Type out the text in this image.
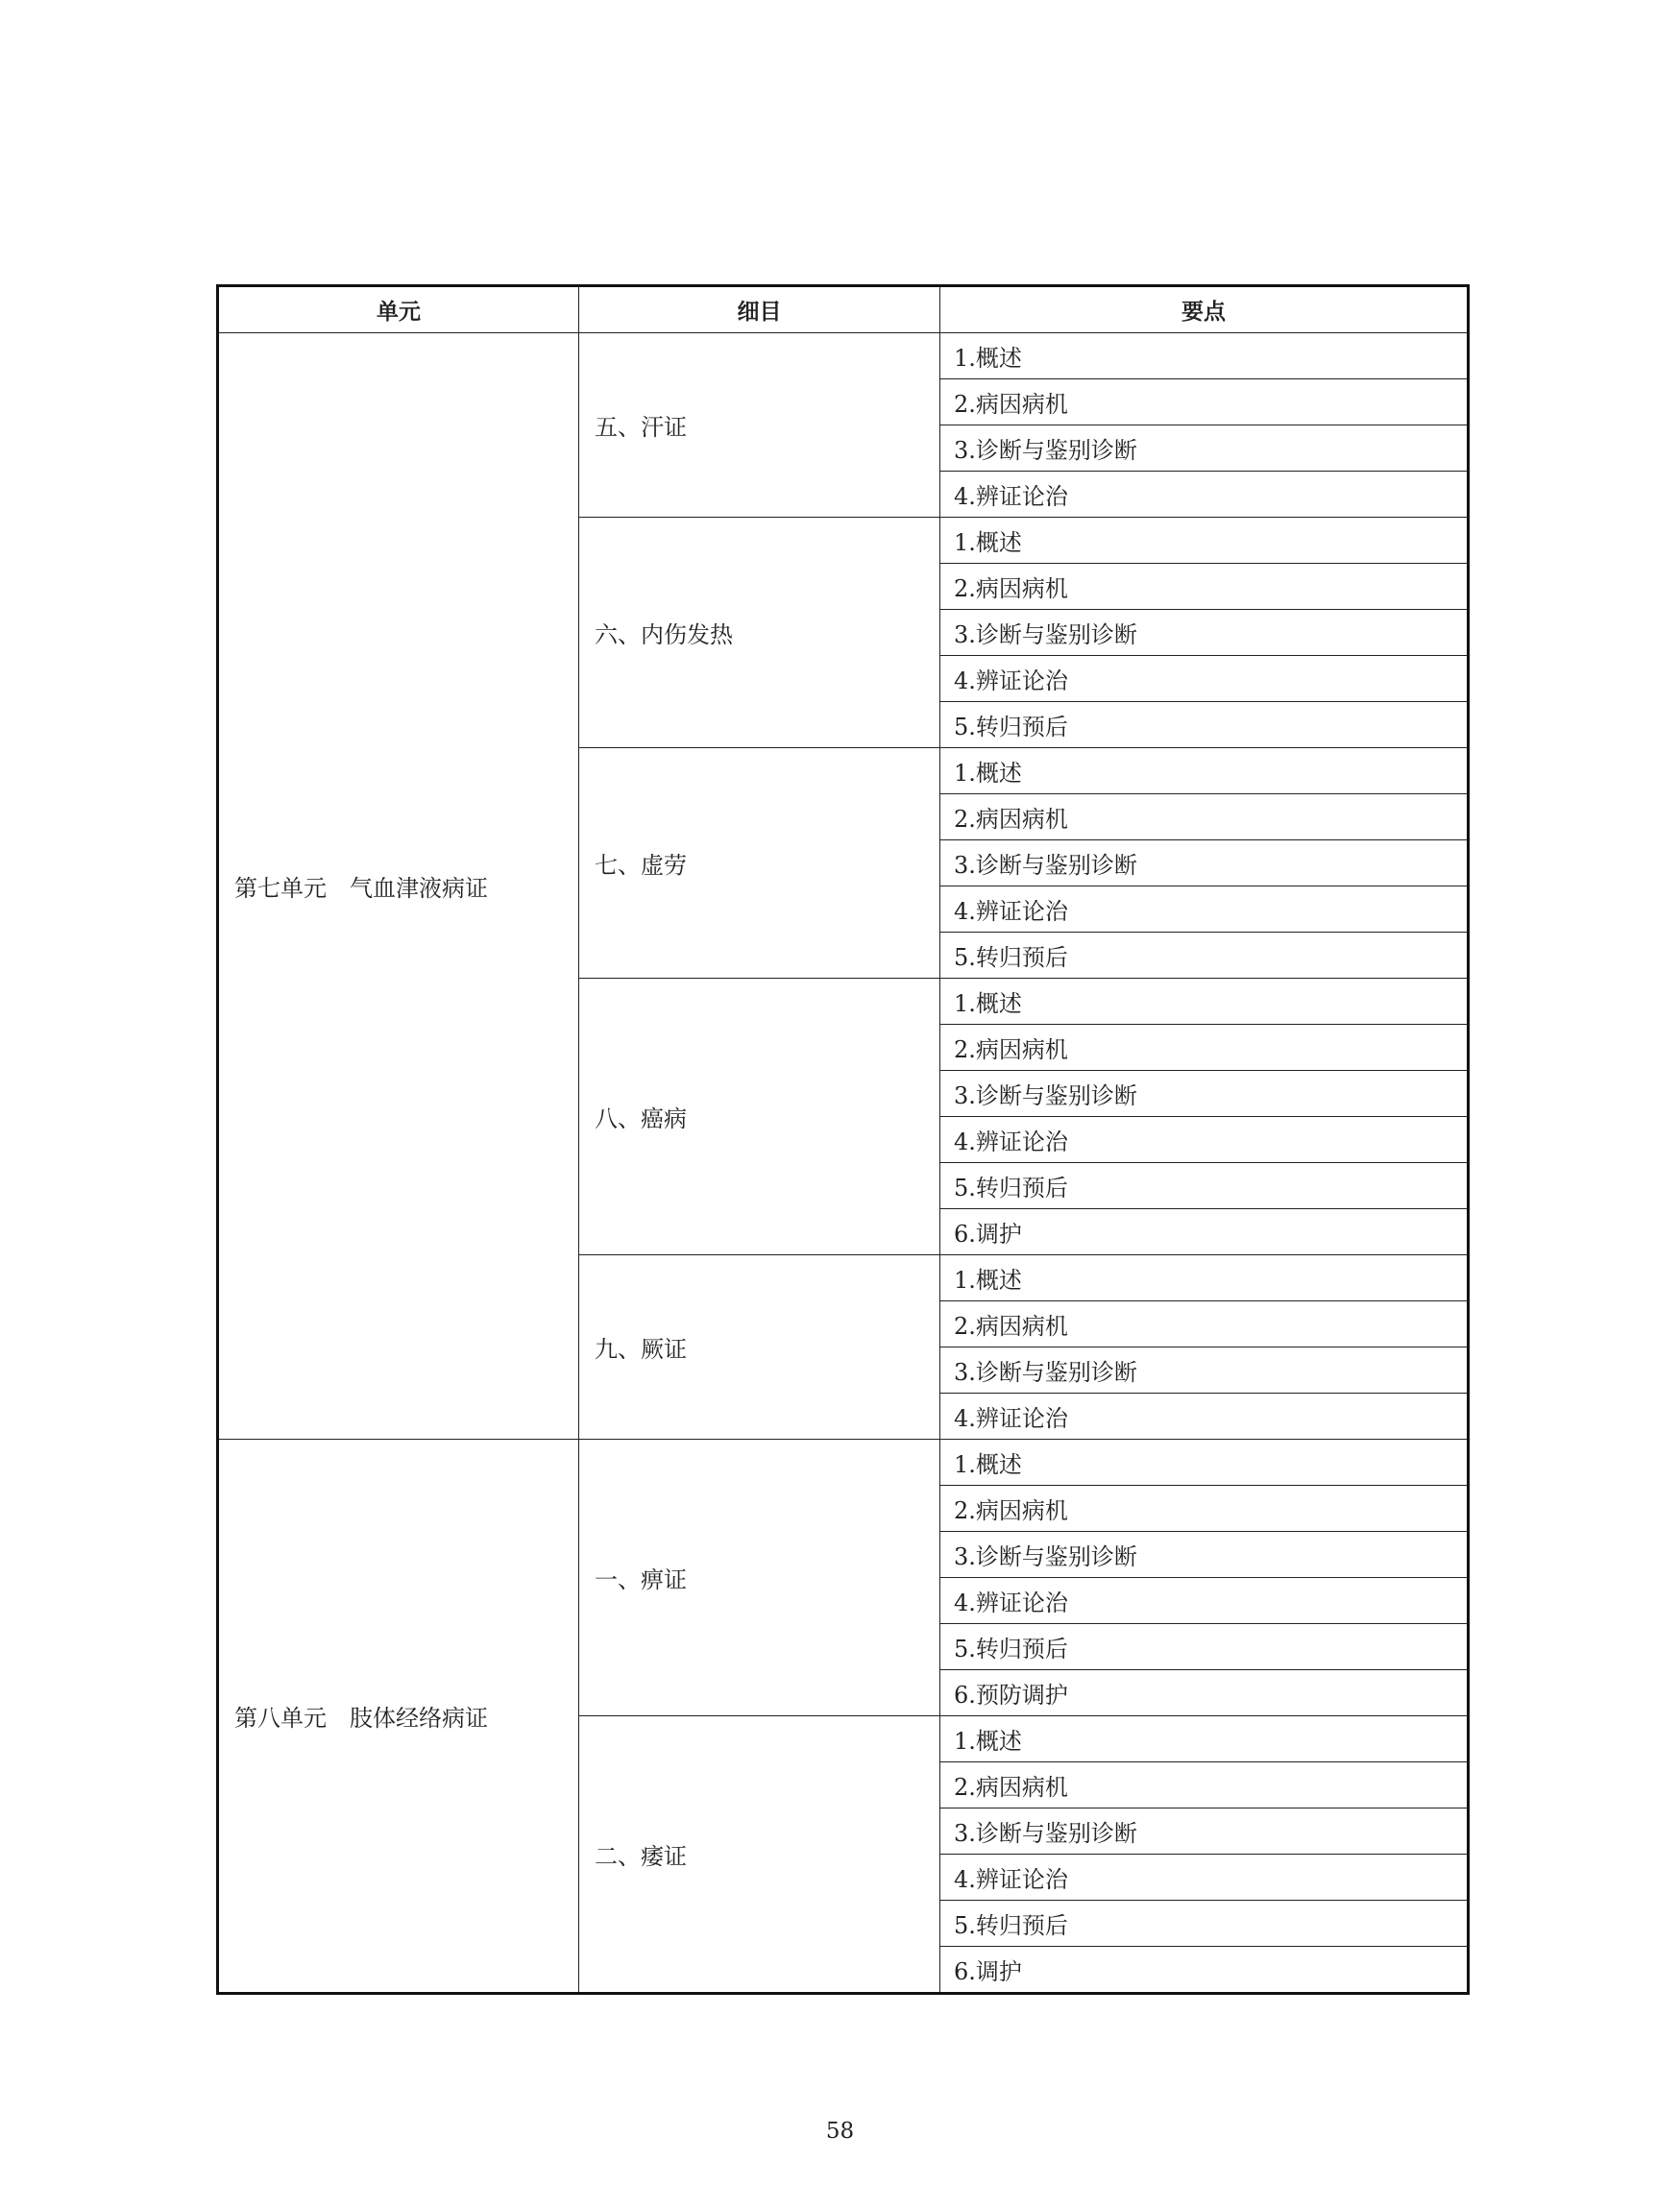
单元	细目	要点
第七单元　气血津液病证	五、汗证	1.概述
		2.病因病机
		3.诊断与鉴别诊断
		4.辨证论治
	六、内伤发热	1.概述
		2.病因病机
		3.诊断与鉴别诊断
		4.辨证论治
		5.转归预后
	七、虚劳	1.概述
		2.病因病机
		3.诊断与鉴别诊断
		4.辨证论治
		5.转归预后
	八、癌病	1.概述
		2.病因病机
		3.诊断与鉴别诊断
		4.辨证论治
		5.转归预后
		6.调护
	九、厥证	1.概述
		2.病因病机
		3.诊断与鉴别诊断
		4.辨证论治
第八单元　肢体经络病证	一、痹证	1.概述
		2.病因病机
		3.诊断与鉴别诊断
		4.辨证论治
		5.转归预后
		6.预防调护
	二、痿证	1.概述
		2.病因病机
		3.诊断与鉴别诊断
		4.辨证论治
		5.转归预后
		6.调护
58
